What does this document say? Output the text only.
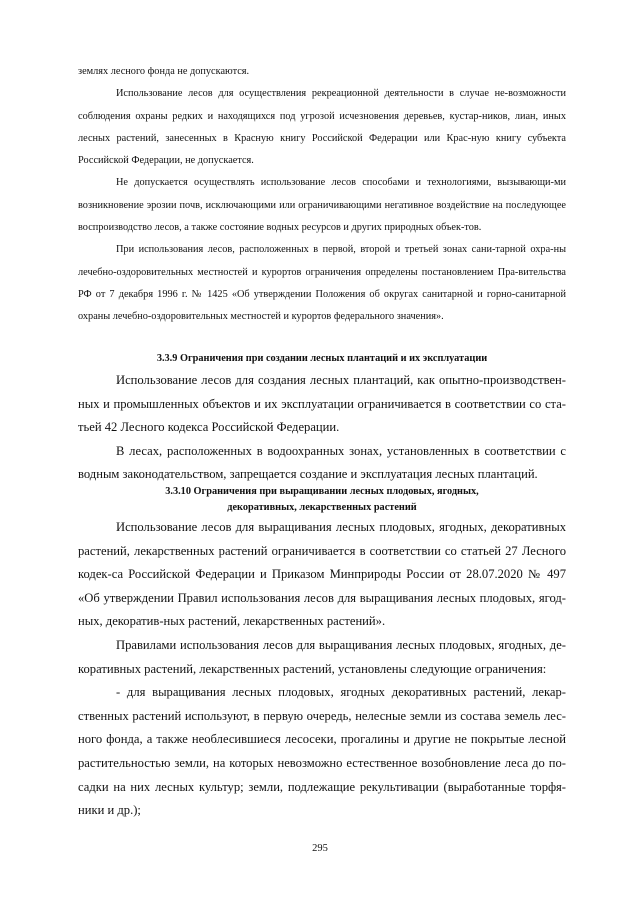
землях лесного фонда не допускаются.

Использование лесов для осуществления рекреационной деятельности в случае не-возможности соблюдения охраны редких и находящихся под угрозой исчезновения деревьев, кустар-ников, лиан, иных лесных растений, занесенных в Красную книгу Российской Федерации или Крас-ную книгу субъекта Российской Федерации, не допускается.

Не допускается осуществлять использование лесов способами и технологиями, вызывающи-ми возникновение эрозии почв, исключающими или ограничивающими негативное воздействие на последующее воспроизводство лесов, а также состояние водных ресурсов и других природных объек-тов.

При использования лесов, расположенных в первой, второй и третьей зонах сани-тарной охра-ны лечебно-оздоровительных местностей и курортов ограничения определены постановлением Пра-вительства РФ от 7 декабря 1996 г. № 1425 «Об утверждении Положения об округах санитарной и горно-санитарной охраны лечебно-оздоровительных местностей и курортов федерального значения».

3.3.9 Ограничения при создании лесных плантаций и их эксплуатации

Использование лесов для создания лесных плантаций, как опытно-производствен-ных и промышленных объектов и их эксплуатации ограничивается в соответствии со ста-тьей 42 Лесного кодекса Российской Федерации.

В лесах, расположенных в водоохранных зонах, установленных в соответствии с водным законодательством, запрещается создание и эксплуатация лесных плантаций.

3.3.10 Ограничения при выращивании лесных плодовых, ягодных,
декоративных, лекарственных растений

Использование лесов для выращивания лесных плодовых, ягодных, декоративных растений, лекарственных растений ограничивается в соответствии со статьей 27 Лесного кодек-са Российской Федерации и Приказом Минприроды России от 28.07.2020 № 497 «Об утверждении Правил использования лесов для выращивания лесных плодовых, ягод-ных, декоратив-ных растений, лекарственных растений».

Правилами использования лесов для выращивания лесных плодовых, ягодных, де-коративных растений, лекарственных растений, установлены следующие ограничения:

- для выращивания лесных плодовых, ягодных декоративных растений, лекар-ственных растений используют, в первую очередь, нелесные земли из состава земель лес-ного фонда, а также необлесившиеся лесосеки, прогалины и другие не покрытые лесной растительностью земли, на которых невозможно естественное возобновление леса до по-садки на них лесных культур; земли, подлежащие рекультивации (выработанные торфя-ники и др.);

295
